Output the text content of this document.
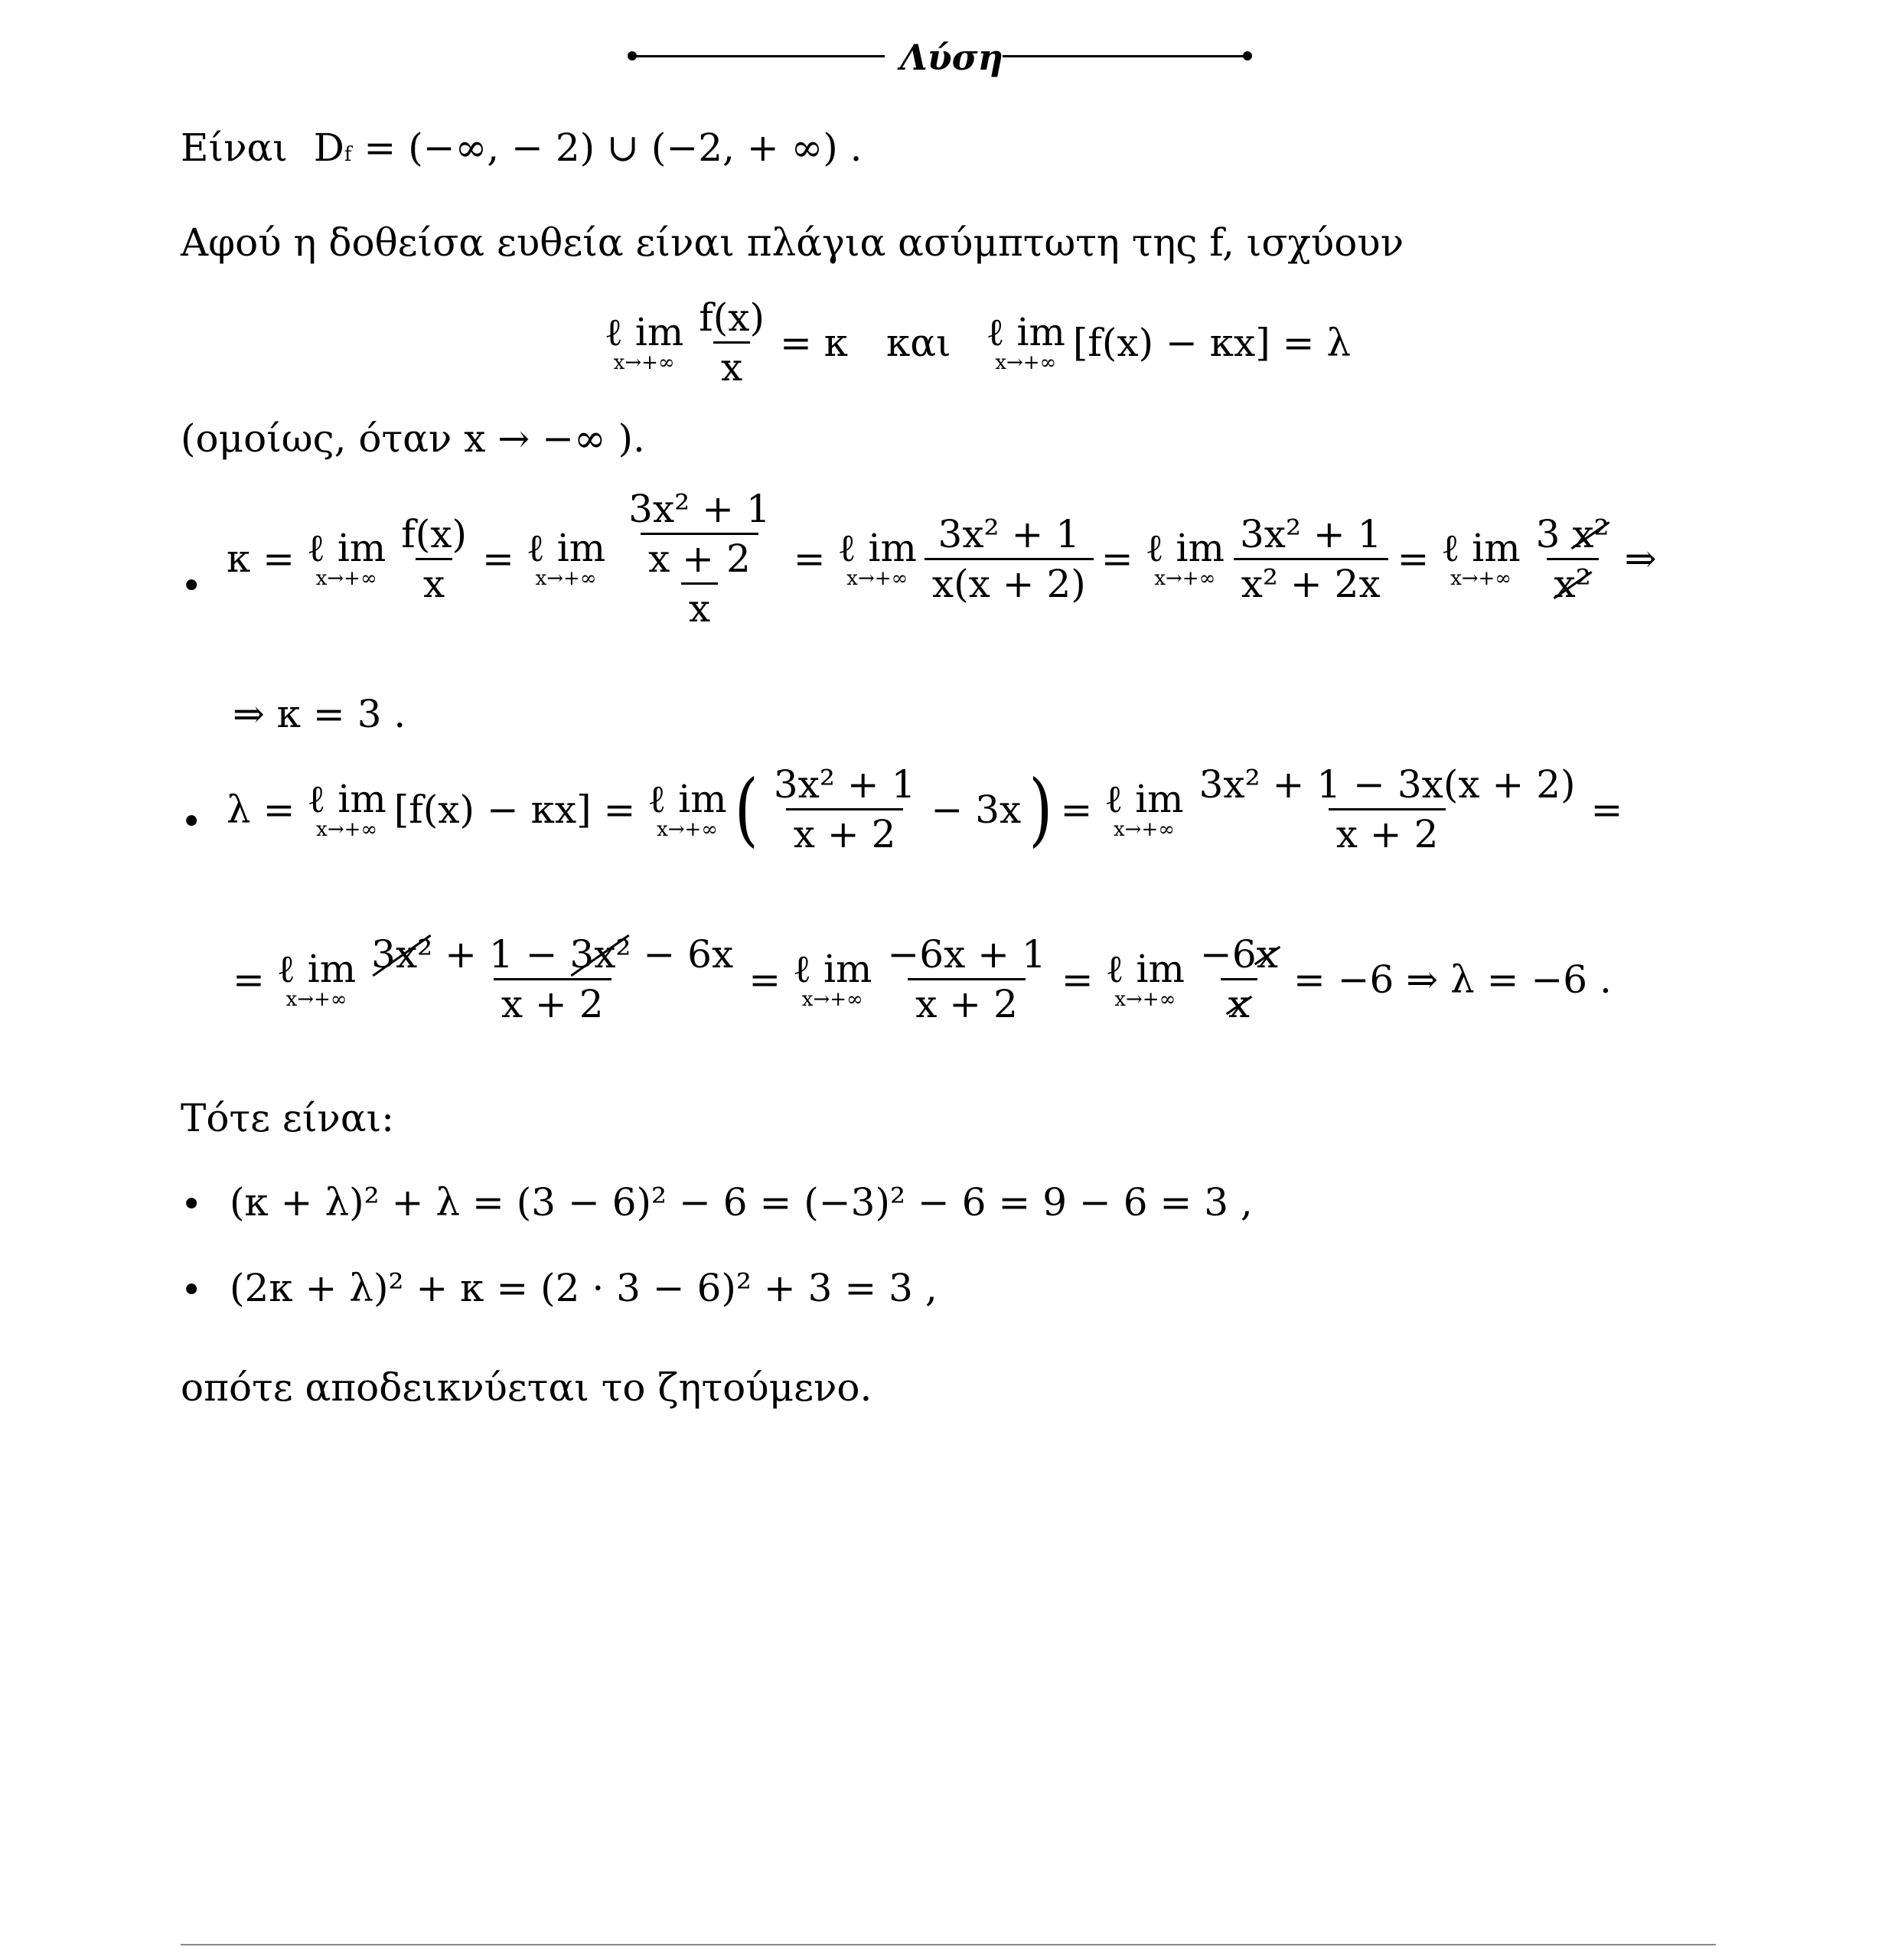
Λύση
Είναι Df = (−∞, − 2) ∪ (−2, + ∞) .
Αφού η δοθείσα ευθεία είναι πλάγια ασύμπτωτη της f, ισχύουν
ℓ im
$x\to+\infty \frac{f(x)}{x} = \kappa$ και ℓ im
x→+∞ [f(x) − κx] = λ
(ομοίως, όταν x → −∞ ).
•
κ = ℓ im
$x\to+\infty \frac{f(x)}{x}$ = ℓ im
$x\to+\infty \frac{\frac{\text{3x² + 1}}{x + 2}}{x}$ = ℓ im
$x\to+\infty \frac{\text{3x² + 1}}{x(x + 2)}$ = ℓ im
$x\to+\infty \frac{\text{3x² + 1}}{\text{x² + 2x}}$ = ℓ im
$x\to+\infty \frac{\text{3 x²}}{\text{x²}}$ ⇒
⇒ κ = 3 .
• λ = ℓ im
x→+∞ [f(x) − κx] = ℓ im
x→+∞ ( $\frac{\text{3x² + 1}}{x + 2} - 3x$ ) = ℓ im
$x\to+\infty \frac{\text{3x² + 1 − 3x(x + 2)}}{x + 2}$ =
= ℓ im
$x\to+\infty \frac{\text{3x² + 1 − 3x² − 6x}}{x + 2}$ = ℓ im
$x\to+\infty \frac{-6x + 1}{x + 2}$ = ℓ im
$x\to+\infty \frac{-6x}{x} = -6$ ⇒ λ = −6 .
Τότε είναι:
• (κ + λ)² + λ = (3 − 6)² − 6 = (−3)² − 6 = 9 − 6 = 3 ,
• (2κ + λ)² + κ = (2 · 3 − 6)² + 3 = 3 ,
οπότε αποδεικνύεται το ζητούμενο.
